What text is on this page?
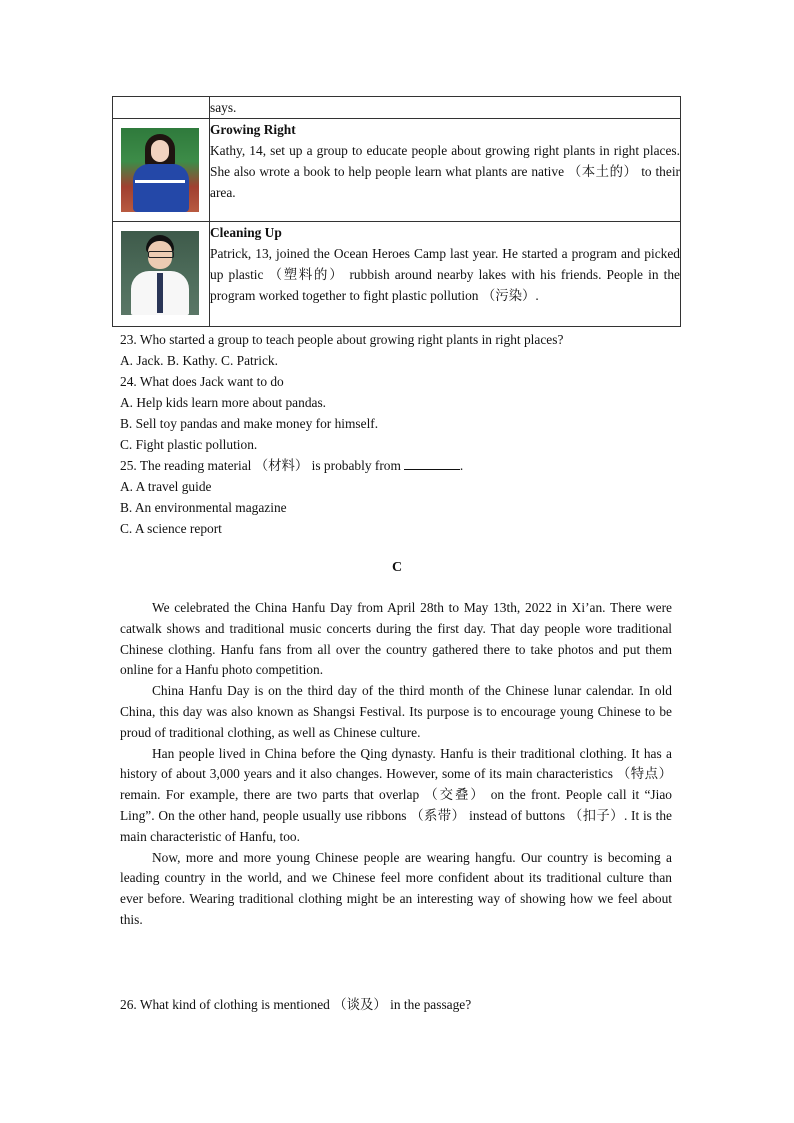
	says.

	Growing Right
Kathy, 14, set up a group to educate people about growing right plants in right places. She also wrote a book to help people learn what plants are native （本土的） to their area.

	Cleaning Up
Patrick, 13, joined the Ocean Heroes Camp last year. He started a program and picked up plastic （塑料的） rubbish around nearby lakes with his friends. People in the program worked together to fight plastic pollution （污染）.
23. Who started a group to teach people about growing right plants in right places?
A. Jack. B. Kathy. C. Patrick.
24. What does Jack want to do
A. Help kids learn more about pandas.
B. Sell toy pandas and make money for himself.
C. Fight plastic pollution.
25. The reading material （材料） is probably from	.
A. A travel guide
B. An environmental magazine
C. A science report
C

We celebrated the China Hanfu Day from April 28th to May 13th, 2022 in Xi’an. There were catwalk shows and traditional music concerts during the first day. That day people wore traditional Chinese clothing. Hanfu fans from all over the country gathered there to take photos and put them online for a Hanfu photo competition.

China Hanfu Day is on the third day of the third month of the Chinese lunar calendar. In old China, this day was also known as Shangsi Festival. Its purpose is to encourage young Chinese to be proud of traditional clothing, as well as Chinese culture.

Han people lived in China before the Qing dynasty. Hanfu is their traditional clothing. It has a history of about 3,000 years and it also changes. However, some of its main characteristics （特点） remain. For example, there are two parts that overlap （交叠） on the front. People call it “Jiao Ling”. On the other hand, people usually use ribbons （系带） instead of buttons （扣子）. It is the main characteristic of Hanfu, too.

Now, more and more young Chinese people are wearing hangfu. Our country is becoming a leading country in the world, and we Chinese feel more confident about its traditional culture than ever before. Wearing traditional clothing might be an interesting way of showing how we feel about this.

26. What kind of clothing is mentioned （谈及） in the passage?
